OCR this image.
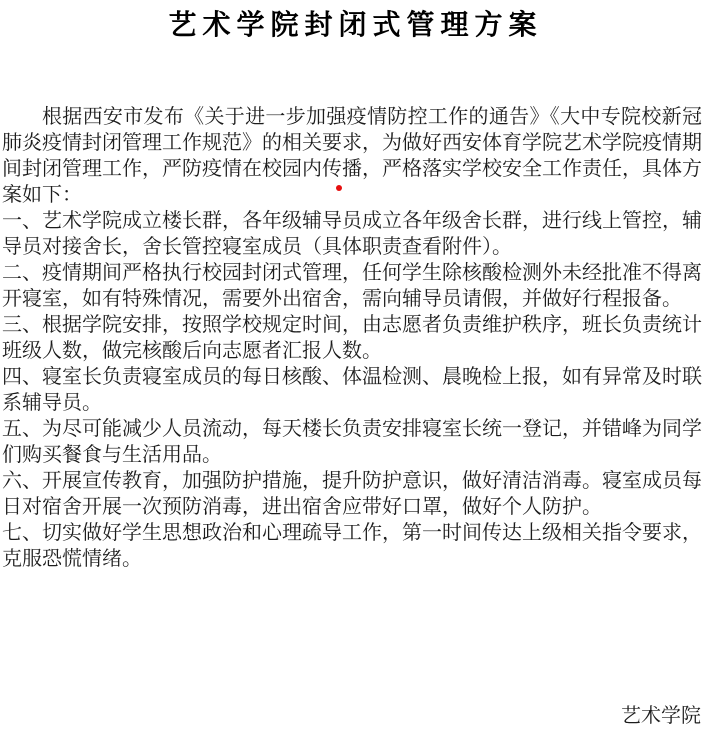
艺术学院封闭式管理方案

根据西安市发布《关于进一步加强疫情防控工作的通告》《大中专院校新冠肺炎疫情封闭管理工作规范》的相关要求，为做好西安体育学院艺术学院疫情期间封闭管理工作，严防疫情在校园内传播，严格落实学校安全工作责任，具体方案如下：

一、艺术学院成立楼长群，各年级辅导员成立各年级舍长群，进行线上管控，辅导员对接舍长，舍长管控寝室成员（具体职责查看附件）。

二、疫情期间严格执行校园封闭式管理，任何学生除核酸检测外未经批准不得离开寝室，如有特殊情况，需要外出宿舍，需向辅导员请假，并做好行程报备。

三、根据学院安排，按照学校规定时间，由志愿者负责维护秩序，班长负责统计班级人数，做完核酸后向志愿者汇报人数。

四、寝室长负责寝室成员的每日核酸、体温检测、晨晚检上报，如有异常及时联系辅导员。

五、为尽可能减少人员流动，每天楼长负责安排寝室长统一登记，并错峰为同学们购买餐食与生活用品。

六、开展宣传教育，加强防护措施，提升防护意识，做好清洁消毒。寝室成员每日对宿舍开展一次预防消毒，进出宿舍应带好口罩，做好个人防护。

七、切实做好学生思想政治和心理疏导工作，第一时间传达上级相关指令要求，克服恐慌情绪。

艺术学院
